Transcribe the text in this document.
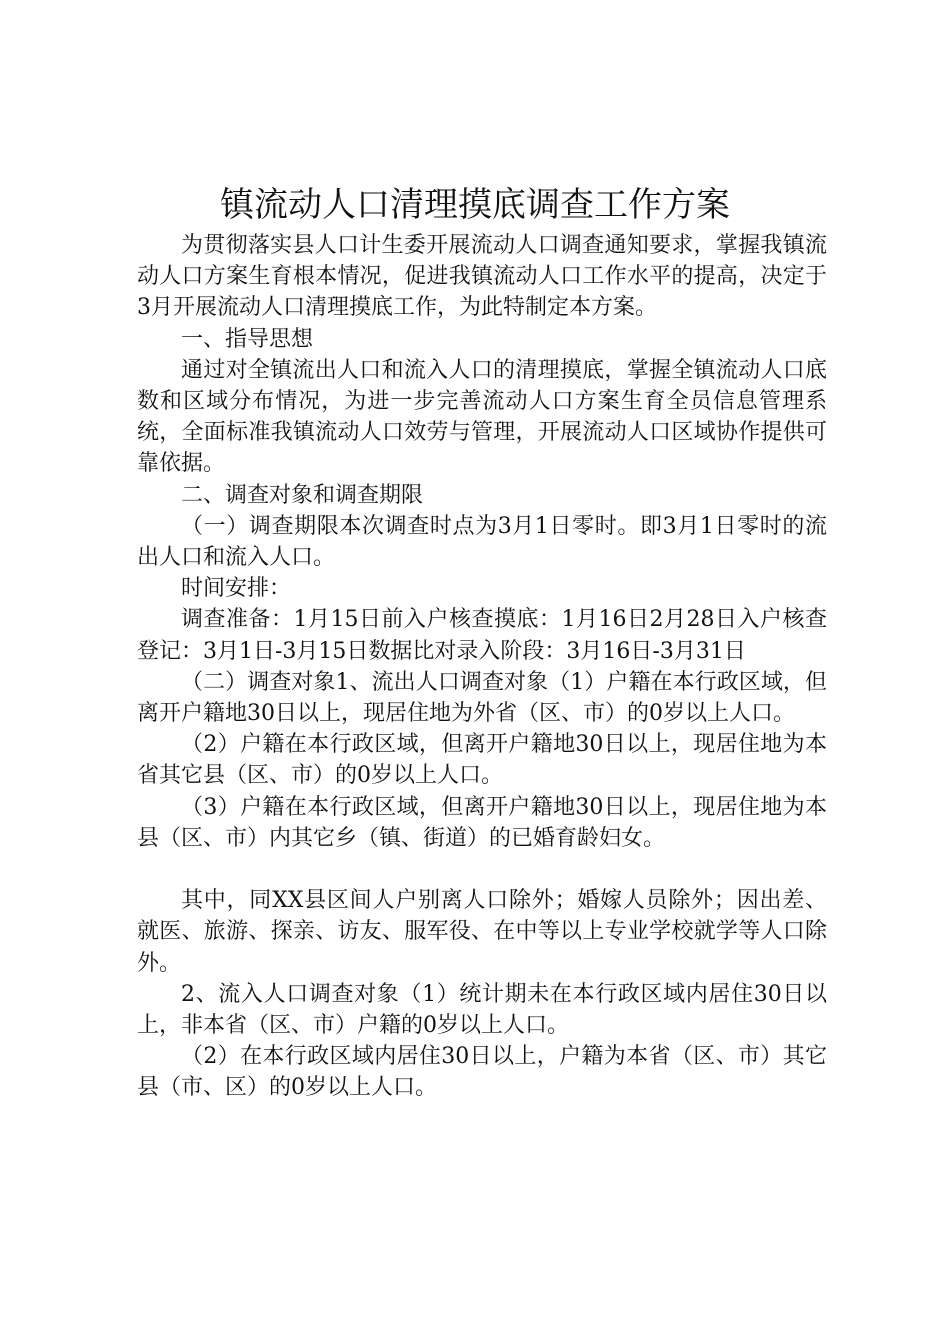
镇流动人口清理摸底调查工作方案

为贯彻落实县人口计生委开展流动人口调查通知要求，掌握我镇流动人口方案生育根本情况，促进我镇流动人口工作水平的提高，决定于3月开展流动人口清理摸底工作，为此特制定本方案。

一、指导思想

通过对全镇流出人口和流入人口的清理摸底，掌握全镇流动人口底数和区域分布情况，为进一步完善流动人口方案生育全员信息管理系统，全面标准我镇流动人口效劳与管理，开展流动人口区域协作提供可靠依据。

二、调查对象和调查期限

（一）调查期限本次调查时点为3月1日零时。即3月1日零时的流出人口和流入人口。

时间安排：

调查准备：1月15日前入户核查摸底：1月16日2月28日入户核查登记：3月1日-3月15日数据比对录入阶段：3月16日-3月31日

（二）调查对象1、流出人口调查对象（1）户籍在本行政区域，但离开户籍地30日以上，现居住地为外省（区、市）的0岁以上人口。

（2）户籍在本行政区域，但离开户籍地30日以上，现居住地为本省其它县（区、市）的0岁以上人口。

（3）户籍在本行政区域，但离开户籍地30日以上，现居住地为本县（区、市）内其它乡（镇、街道）的已婚育龄妇女。

其中，同XX县区间人户别离人口除外；婚嫁人员除外；因出差、就医、旅游、探亲、访友、服军役、在中等以上专业学校就学等人口除外。

2、流入人口调查对象（1）统计期未在本行政区域内居住30日以上，非本省（区、市）户籍的0岁以上人口。

（2）在本行政区域内居住30日以上，户籍为本省（区、市）其它县（市、区）的0岁以上人口。
